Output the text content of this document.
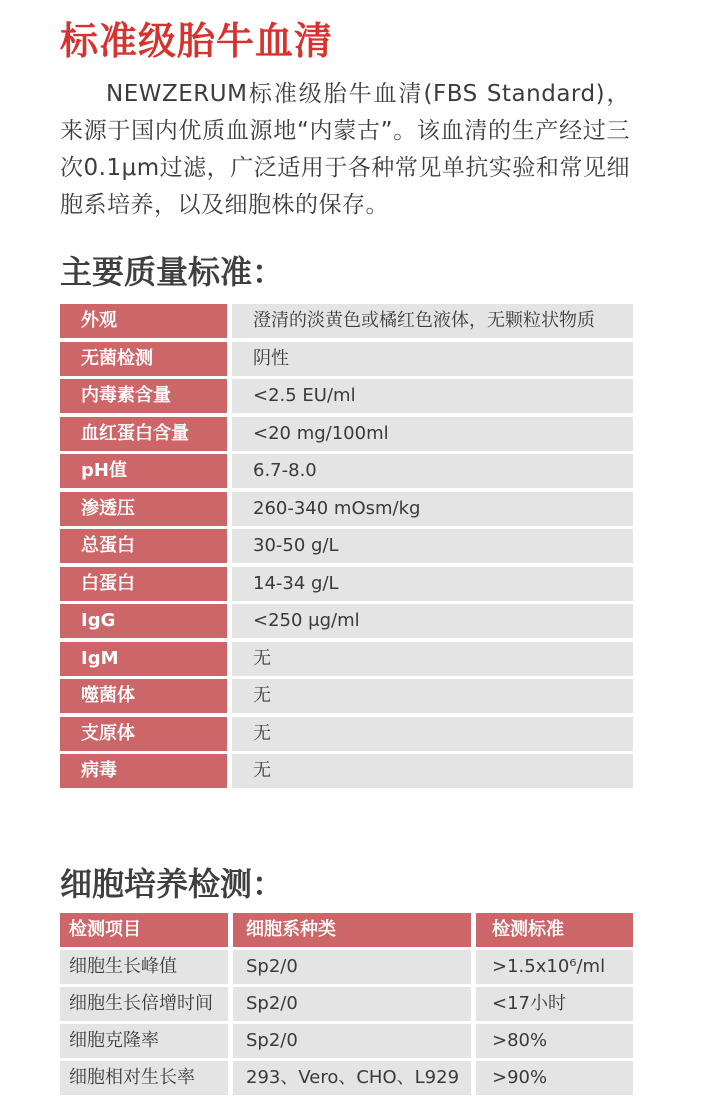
标准级胎牛血清
NEWZERUM标准级胎牛血清(FBS Standard)，来源于国内优质血源地“内蒙古”。该血清的生产经过三次0.1μm过滤，广泛适用于各种常见单抗实验和常见细胞系培养，以及细胞株的保存。
主要质量标准：
外观	澄清的淡黄色或橘红色液体，无颗粒状物质
无菌检测	阴性
内毒素含量	<2.5 EU/ml
血红蛋白含量	<20 mg/100ml
pH值	6.7-8.0
渗透压	260-340 mOsm/kg
总蛋白	30-50 g/L
白蛋白	14-34 g/L
IgG	<250 μg/ml
IgM	无
噬菌体	无
支原体	无
病毒	无
细胞培养检测：
检测项目	细胞系种类	检测标准
细胞生长峰值	Sp2/0	>1.5x10⁶/ml
细胞生长倍增时间	Sp2/0	<17小时
细胞克隆率	Sp2/0	>80%
细胞相对生长率	293、Vero、CHO、L929	>90%
